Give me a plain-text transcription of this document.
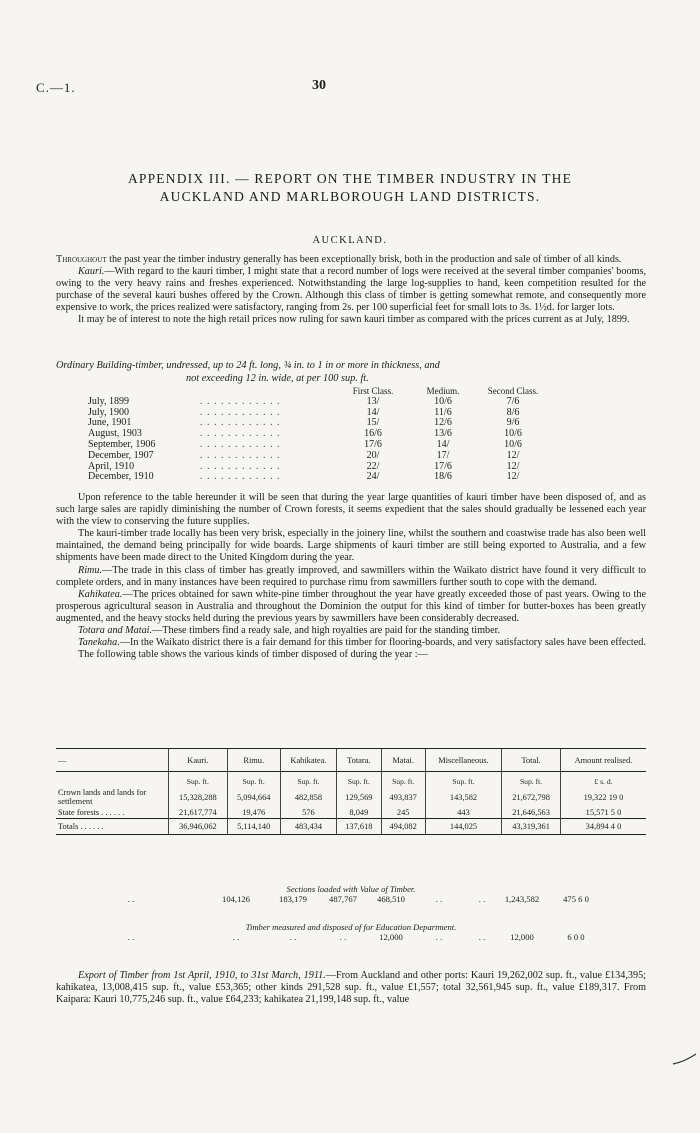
C.—1.	30
APPENDIX III. — REPORT ON THE TIMBER INDUSTRY IN THE
AUCKLAND AND MARLBOROUGH LAND DISTRICTS.
AUCKLAND.

Throughout the past year the timber industry generally has been exceptionally brisk, both in the production and sale of timber of all kinds.

Kauri.—With regard to the kauri timber, I might state that a record number of logs were received at the several timber companies' booms, owing to the very heavy rains and freshes experienced. Notwithstanding the large log-supplies to hand, keen competition resulted for the purchase of the several kauri bushes offered by the Crown. Although this class of timber is getting somewhat remote, and consequently more expensive to work, the prices realized were satisfactory, ranging from 2s. per 100 superficial feet for small lots to 3s. 1½d. for larger lots.

It may be of interest to note the high retail prices now ruling for sawn kauri timber as compared with the prices current as at July, 1899.

Ordinary Building-timber, undressed, up to 24 ft. long, ¾ in. to 1 in or more in thickness, and
not exceeding 12 in. wide, at per 100 sup. ft.
First Class.	Medium.	Second Class.
July, 1899	. . . . . . . . . . . .	13/	10/6	7/6
July, 1900	. . . . . . . . . . . .	14/	11/6	8/6
June, 1901	. . . . . . . . . . . .	15/	12/6	9/6
August, 1903	. . . . . . . . . . . .	16/6	13/6	10/6
September, 1906	. . . . . . . . . . . .	17/6	14/	10/6
December, 1907	. . . . . . . . . . . .	20/	17/	12/
April, 1910	. . . . . . . . . . . .	22/	17/6	12/
December, 1910	. . . . . . . . . . . .	24/	18/6	12/

Upon reference to the table hereunder it will be seen that during the year large quantities of kauri timber have been disposed of, and as such large sales are rapidly diminishing the number of Crown forests, it seems expedient that the sales should gradually be lessened each year with the view to conserving the future supplies.

The kauri-timber trade locally has been very brisk, especially in the joinery line, whilst the southern and coastwise trade has also been well maintained, the demand being principally for wide boards. Large shipments of kauri timber are still being exported to Australia, and a few shipments have been made direct to the United Kingdom during the year.

Rimu.—The trade in this class of timber has greatly improved, and sawmillers within the Waikato district have found it very difficult to complete orders, and in many instances have been required to purchase rimu from sawmillers further south to cope with the demand.

Kahikatea.—The prices obtained for sawn white-pine timber throughout the year have greatly exceeded those of past years. Owing to the prosperous agricultural season in Australia and throughout the Dominion the output for this kind of timber for butter-boxes has been greatly augmented, and the heavy stocks held during the previous years by sawmillers have been considerably decreased.

Totara and Matai.—These timbers find a ready sale, and high royalties are paid for the standing timber.

Tanekaha.—In the Waikato district there is a fair demand for this timber for flooring-boards, and very satisfactory sales have been effected.

The following table shows the various kinds of timber disposed of during the year :—

—	Kauri.	Rimu.	Kahikatea.	Totara.	Matai.	Miscellaneous.	Total.	Amount realised.
	Sup. ft.	Sup. ft.	Sup. ft.	Sup. ft.	Sup. ft.	Sup. ft.	Sup. ft.	£ s. d.
Crown lands and lands for settlement	15,328,288	5,094,664	482,858	129,569	493,837	143,582	21,672,798	19,322 19 0
State forests . . . . . .	21,617,774	19,476	576	8,049	245	443	21,646,563	15,571 5 0
Totals . . . . . .	36,946,062	5,114,140	483,434	137,618	494,082	144,025	43,319,361	34,894 4 0
Sections loaded with Value of Timber.
. .	104,126	183,179	487,767	468,510	. .	. .	1,243,582	475 6 0
Timber measured and disposed of for Education Department.
. .	. .	. .	. .	12,000	. .	. .	12,000	6 0 0
Export of Timber from 1st April, 1910, to 31st March, 1911.—From Auckland and other ports: Kauri 19,262,002 sup. ft., value £134,395; kahikatea, 13,008,415 sup. ft., value £53,365; other kinds 291,528 sup. ft., value £1,557; total 32,561,945 sup. ft., value £189,317. From Kaipara: Kauri 10,775,246 sup. ft., value £64,233; kahikatea 21,199,148 sup. ft., value
